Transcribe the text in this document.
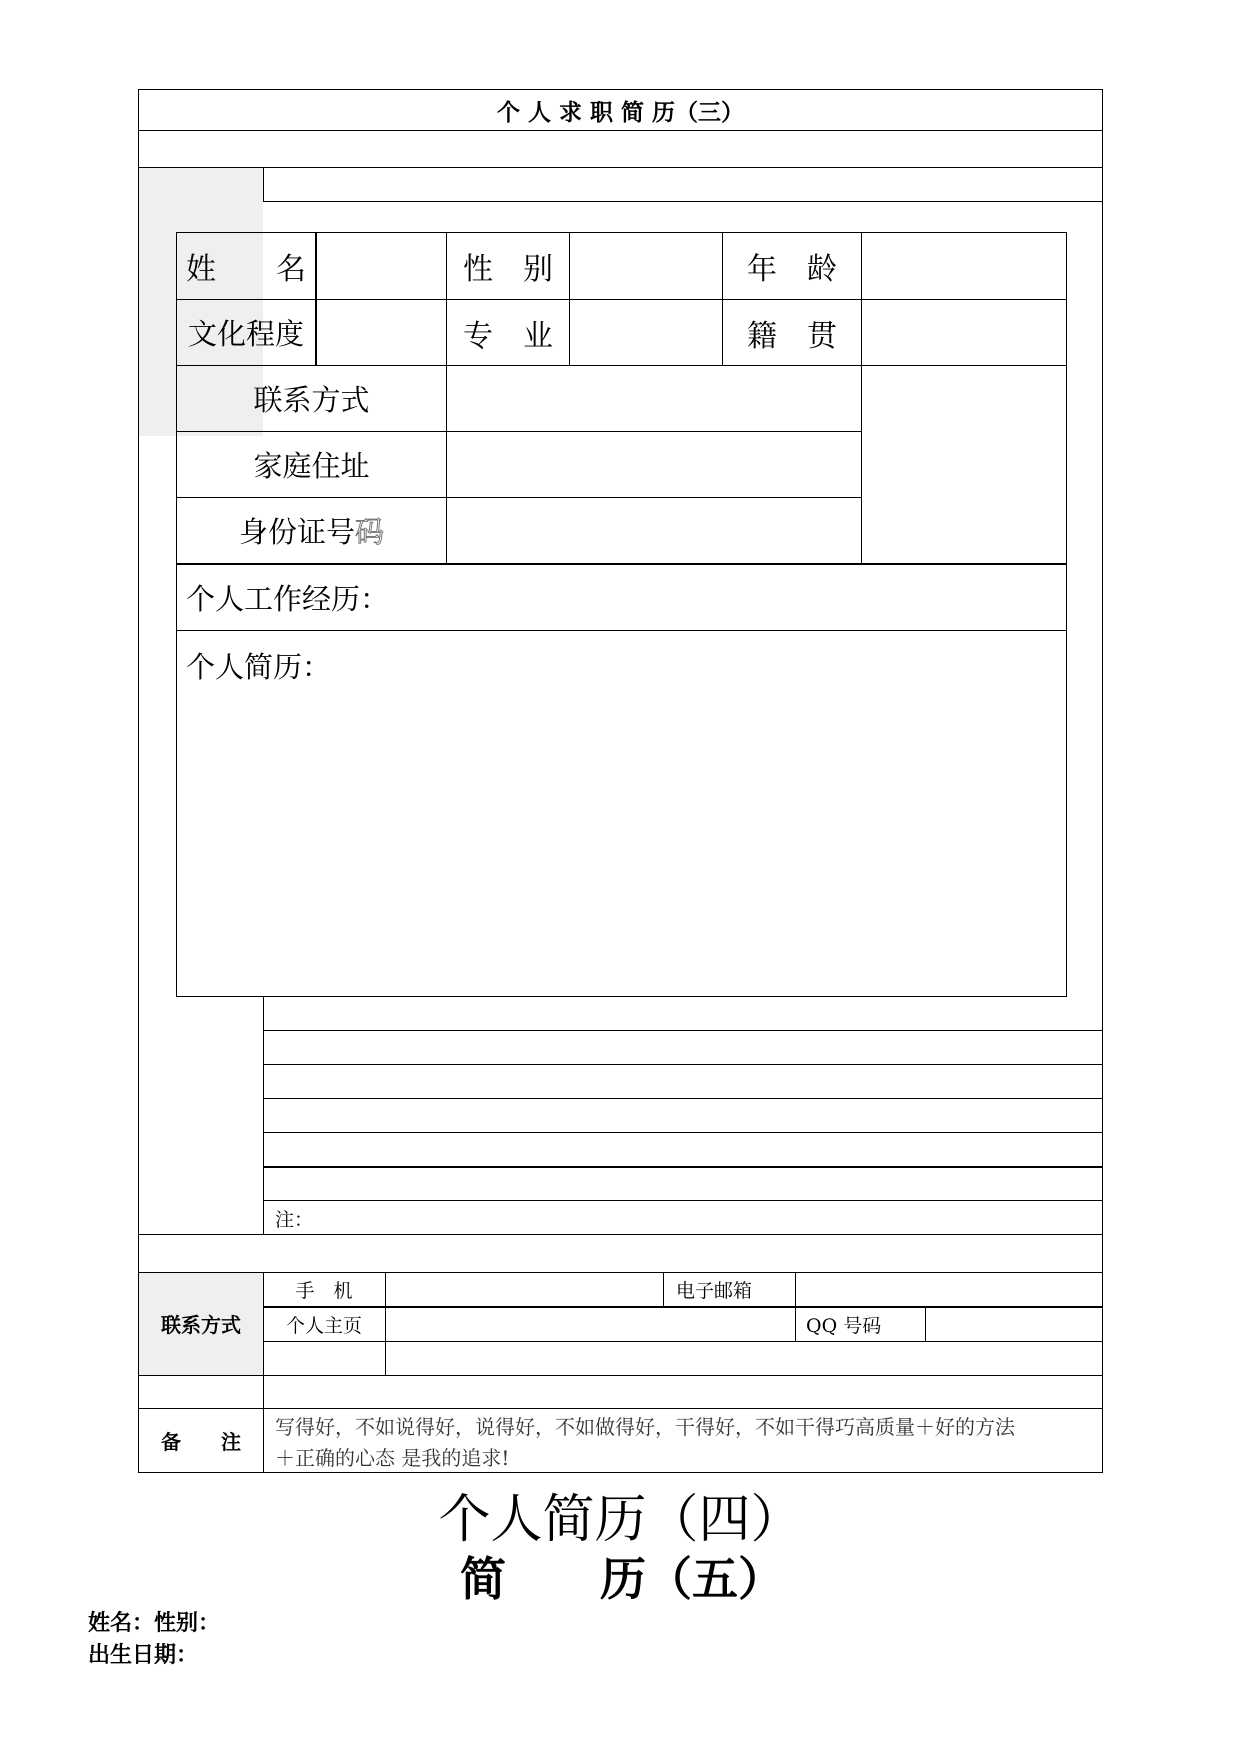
个 人 求 职 简 历（三）
注：
联系方式
手　机	电子邮箱
个人主页	QQ 号码
备　　注
写得好，不如说得好，说得好，不如做得好，干得好，不如干得巧高质量＋好的方法
＋正确的心态 是我的追求!
姓　　名	性　别	年　龄
文化程度	专　业	籍　贯
联系方式
家庭住址
身份证号 码
个人工作经历：
个人简历：
个人简历（四）
简	历（五）
姓名：性别：
出生日期：
